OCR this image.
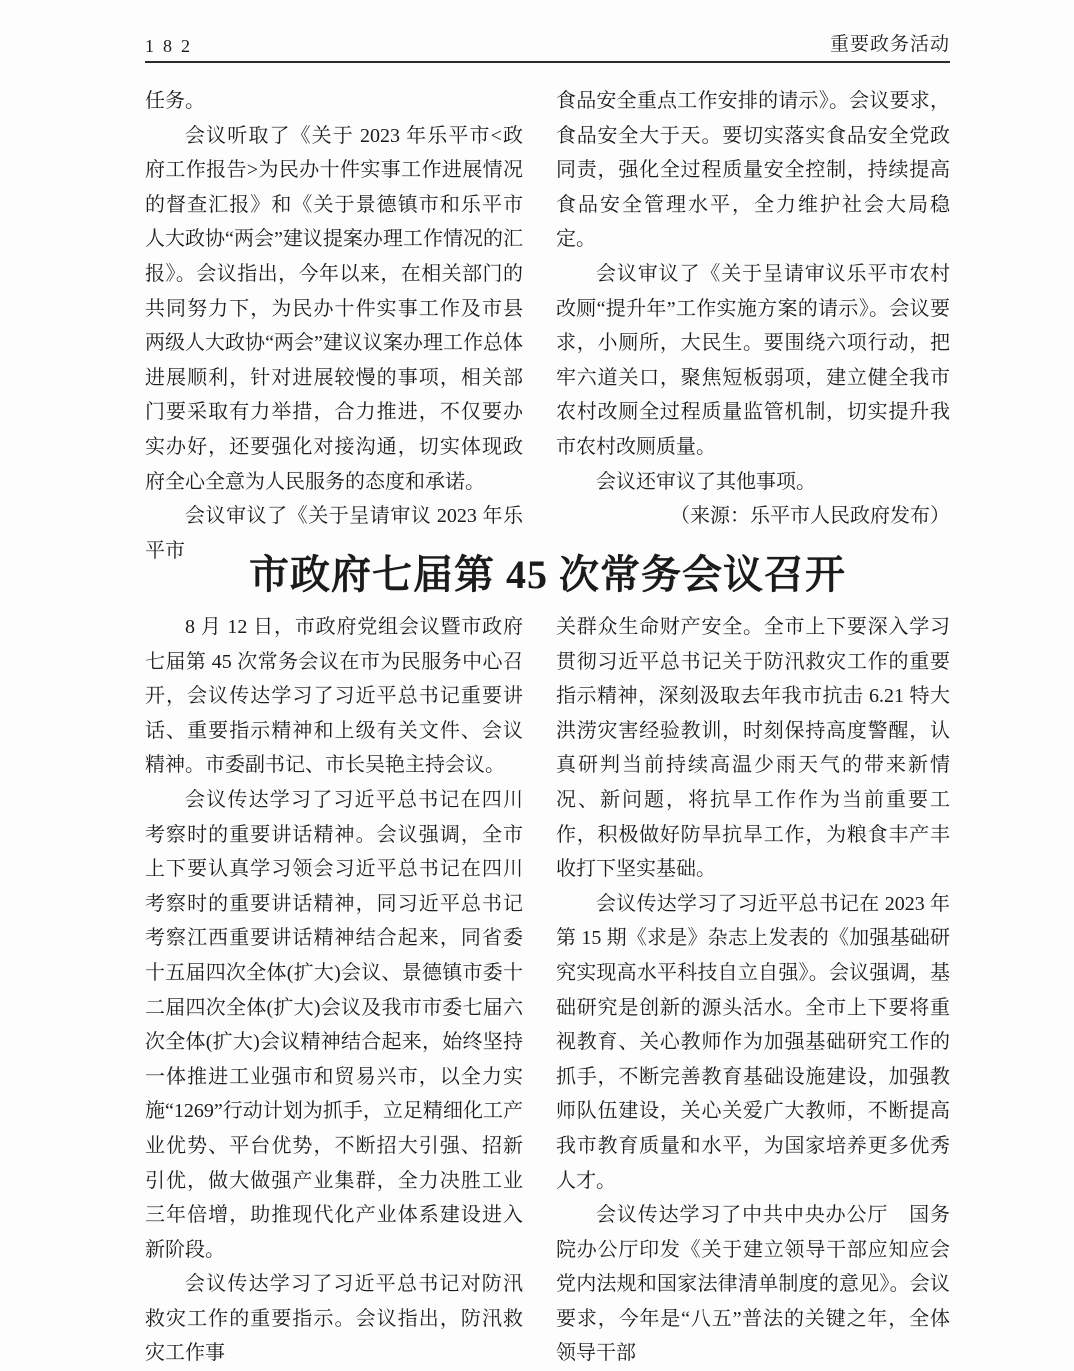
182	重要政务活动

任务。

会议听取了《关于 2023 年乐平市<政府工作报告>为民办十件实事工作进展情况的督查汇报》和《关于景德镇市和乐平市人大政协“两会”建议提案办理工作情况的汇报》。会议指出，今年以来，在相关部门的共同努力下，为民办十件实事工作及市县两级人大政协“两会”建议议案办理工作总体进展顺利，针对进展较慢的事项，相关部门要采取有力举措，合力推进，不仅要办实办好，还要强化对接沟通，切实体现政府全心全意为人民服务的态度和承诺。

会议审议了《关于呈请审议 2023 年乐平市

食品安全重点工作安排的请示》。会议要求，食品安全大于天。要切实落实食品安全党政同责，强化全过程质量安全控制，持续提高食品安全管理水平，全力维护社会大局稳定。

会议审议了《关于呈请审议乐平市农村改厕“提升年”工作实施方案的请示》。会议要求，小厕所，大民生。要围绕六项行动，把牢六道关口，聚焦短板弱项，建立健全我市农村改厕全过程质量监管机制，切实提升我市农村改厕质量。

会议还审议了其他事项。

（来源：乐平市人民政府发布）

市政府七届第 45 次常务会议召开

8 月 12 日，市政府党组会议暨市政府七届第 45 次常务会议在市为民服务中心召开，会议传达学习了习近平总书记重要讲话、重要指示精神和上级有关文件、会议精神。市委副书记、市长吴艳主持会议。

会议传达学习了习近平总书记在四川考察时的重要讲话精神。会议强调，全市上下要认真学习领会习近平总书记在四川考察时的重要讲话精神，同习近平总书记考察江西重要讲话精神结合起来，同省委十五届四次全体(扩大)会议、景德镇市委十二届四次全体(扩大)会议及我市市委七届六次全体(扩大)会议精神结合起来，始终坚持一体推进工业强市和贸易兴市，以全力实施“1269”行动计划为抓手，立足精细化工产业优势、平台优势，不断招大引强、招新引优，做大做强产业集群，全力决胜工业三年倍增，助推现代化产业体系建设进入新阶段。

会议传达学习了习近平总书记对防汛救灾工作的重要指示。会议指出，防汛救灾工作事

关群众生命财产安全。全市上下要深入学习贯彻习近平总书记关于防汛救灾工作的重要指示精神，深刻汲取去年我市抗击 6.21 特大洪涝灾害经验教训，时刻保持高度警醒，认真研判当前持续高温少雨天气的带来新情况、新问题，将抗旱工作作为当前重要工作，积极做好防旱抗旱工作，为粮食丰产丰收打下坚实基础。

会议传达学习了习近平总书记在 2023 年第 15 期《求是》杂志上发表的《加强基础研究实现高水平科技自立自强》。会议强调，基础研究是创新的源头活水。全市上下要将重视教育、关心教师作为加强基础研究工作的抓手，不断完善教育基础设施建设，加强教师队伍建设，关心关爱广大教师，不断提高我市教育质量和水平，为国家培养更多优秀人才。

会议传达学习了中共中央办公厅　国务院办公厅印发《关于建立领导干部应知应会党内法规和国家法律清单制度的意见》。会议要求，今年是“八五”普法的关键之年，全体领导干部
